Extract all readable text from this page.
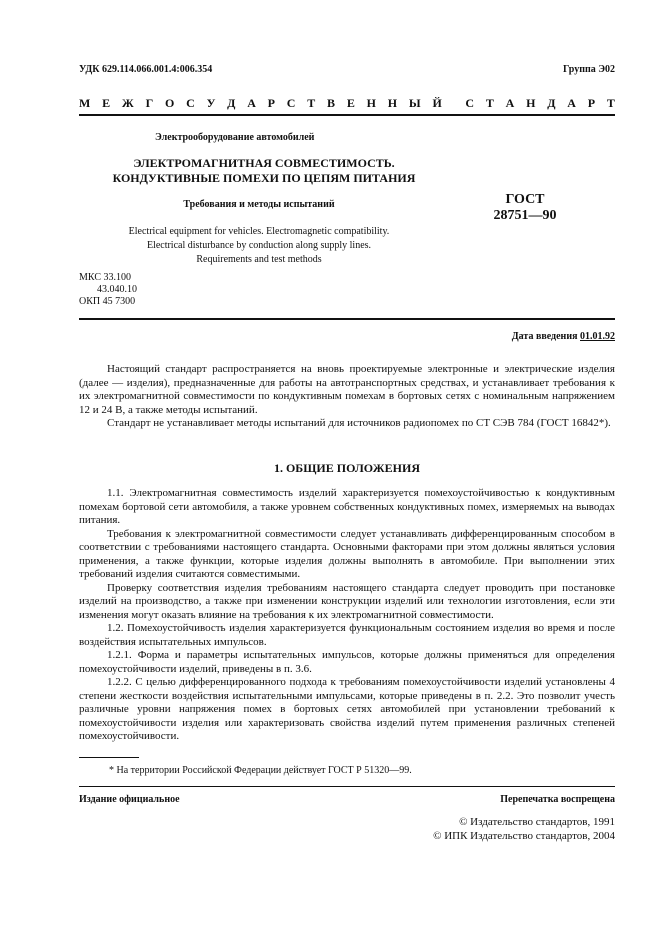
УДК 629.114.066.001.4:006.354	Группа Э02
М Е Ж Г О С У Д А Р С Т В Е Н Н Ы Й С Т А Н Д А Р Т
Электрооборудование автомобилей
ЭЛЕКТРОМАГНИТНАЯ СОВМЕСТИМОСТЬ.
КОНДУКТИВНЫЕ ПОМЕХИ ПО ЦЕПЯМ ПИТАНИЯ
Требования и методы испытаний	ГОСТ
28751—90
Electrical equipment for vehicles. Electromagnetic compatibility.
Electrical disturbance by conduction along supply lines.
Requirements and test methods
МКС 33.100
43.040.10
ОКП 45 7300
Дата введения 01.01.92

Настоящий стандарт распространяется на вновь проектируемые электронные и электрические изделия (далее — изделия), предназначенные для работы на автотранспортных средствах, и устанавливает требования к их электромагнитной совместимости по кондуктивным помехам в бортовых сетях с номинальным напряжением 12 и 24 В, а также методы испытаний.

Стандарт не устанавливает методы испытаний для источников радиопомех по СТ СЭВ 784 (ГОСТ 16842*).

1. ОБЩИЕ ПОЛОЖЕНИЯ

1.1. Электромагнитная совместимость изделий характеризуется помехоустойчивостью к кондуктивным помехам бортовой сети автомобиля, а также уровнем собственных кондуктивных помех, измеряемых на выводах питания.

Требования к электромагнитной совместимости следует устанавливать дифференцированным способом в соответствии с требованиями настоящего стандарта. Основными факторами при этом должны являться условия применения, а также функции, которые изделия должны выполнять в автомобиле. При выполнении этих требований изделия считаются совместимыми.

Проверку соответствия изделия требованиям настоящего стандарта следует проводить при постановке изделий на производство, а также при изменении конструкции изделий или технологии изготовления, если эти изменения могут оказать влияние на требования к их электромагнитной совместимости.

1.2. Помехоустойчивость изделия характеризуется функциональным состоянием изделия во время и после воздействия испытательных импульсов.

1.2.1. Форма и параметры испытательных импульсов, которые должны применяться для определения помехоустойчивости изделий, приведены в п. 3.6.

1.2.2. С целью дифференцированного подхода к требованиям помехоустойчивости изделий установлены 4 степени жесткости воздействия испытательными импульсами, которые приведены в п. 2.2. Это позволит учесть различные уровни напряжения помех в бортовых сетях автомобилей при установлении требований к помехоустойчивости изделия или характеризовать свойства изделий путем применения различных степеней помехоустойчивости.

* На территории Российской Федерации действует ГОСТ Р 51320—99.
Издание официальное	Перепечатка воспрещена
© Издательство стандартов, 1991
© ИПК Издательство стандартов, 2004
